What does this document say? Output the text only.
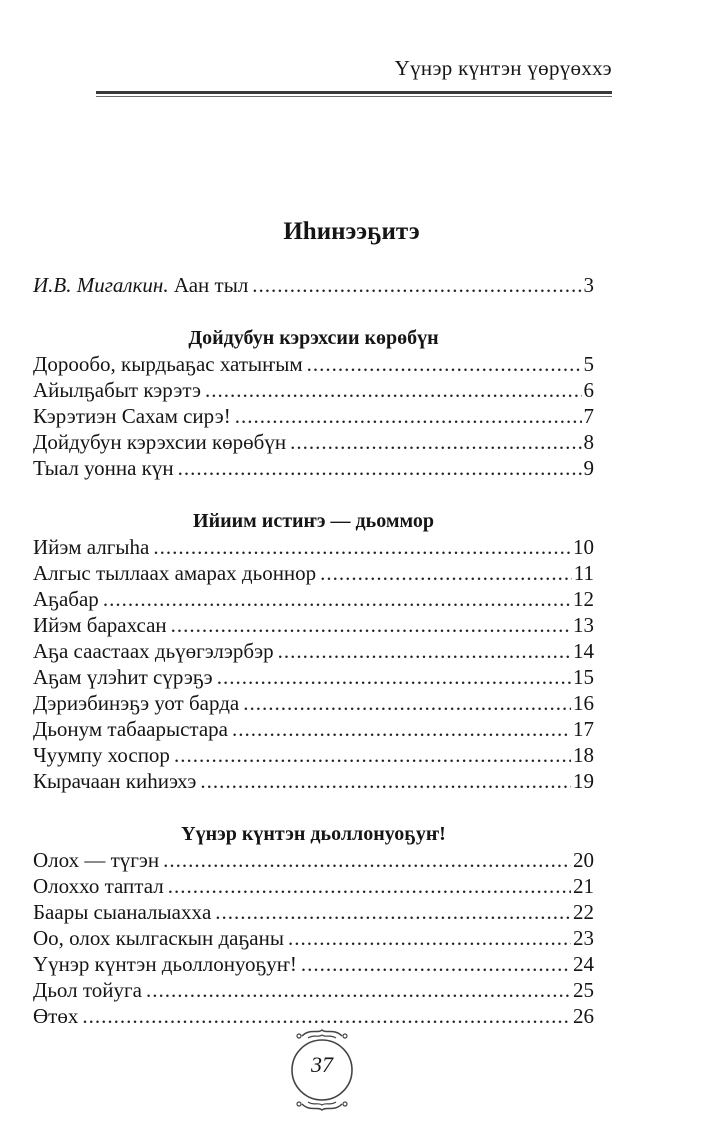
Үүнэр күнтэн үөрүөххэ
Иһинээҕитэ
И.В. Мигалкин. Аан тыл .....	3
Дойдубун кэрэхсии көрөбүн
Дорообо, кырдьаҕас хатыҥым .....	5
Айылҕабыт кэрэтэ .....	6
Кэрэтиэн Сахам сирэ! .....	7
Дойдубун кэрэхсии көрөбүн .....	8
Тыал уонна күн .....	9
Ийиим истиҥэ — дьоммор
Ийэм алгыһа .....	10
Алгыс тыллаах амарах дьоннор .....	11
Аҕабар .....	12
Ийэм барахсан .....	13
Аҕа саастаах дьүөгэлэрбэр .....	14
Аҕам үлэһит сүрэҕэ .....	15
Дэриэбинэҕэ уот барда .....	16
Дьонум табаарыстара .....	17
Чуумпу хоспор .....	18
Кырачаан киһиэхэ .....	19
Үүнэр күнтэн дьоллонуоҕуҥ!
Олох — түгэн .....	20
Олоххо таптал .....	21
Баары сыаналыаххa .....	22
Оо, олох кылгаскын даҕаны .....	23
Үүнэр күнтэн дьоллонуоҕуҥ! .....	24
Дьол тойуга .....	25
Өтөх .....	26
37
